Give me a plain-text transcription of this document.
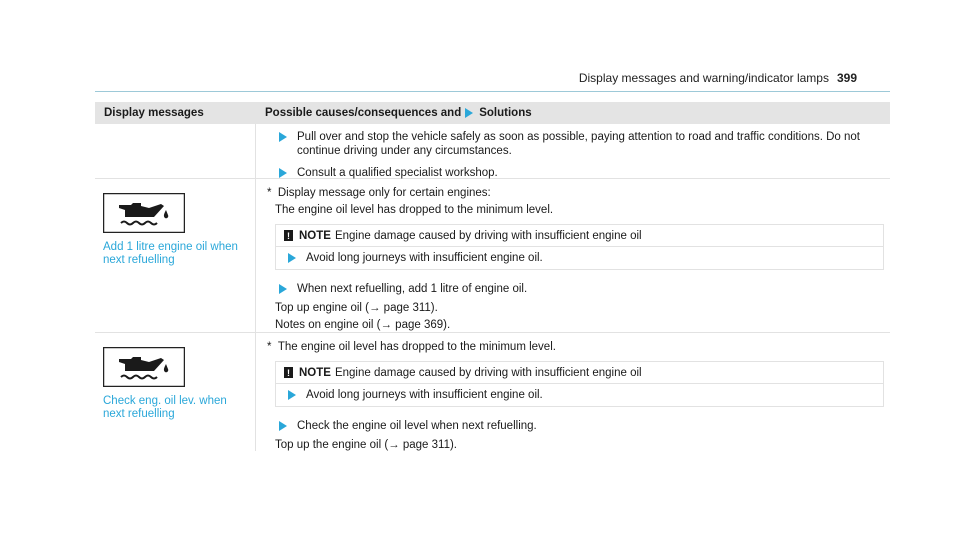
Display messages and warning/indicator lamps 399
Display messages	Possible causes/consequences and Solutions
Pull over and stop the vehicle safely as soon as possible, paying attention to road and traffic conditions. Do not
continue driving under any circumstances.
Consult a qualified specialist workshop.
Add 1 litre engine oil when
next refuelling
* Display message only for certain engines:
The engine oil level has dropped to the minimum level.
! NOTE Engine damage caused by driving with insufficient engine oil
Avoid long journeys with insufficient engine oil.
When next refuelling, add 1 litre of engine oil.
Top up engine oil (→ page 311).
Notes on engine oil (→ page 369).
Check eng. oil lev. when
next refuelling
* The engine oil level has dropped to the minimum level.
! NOTE Engine damage caused by driving with insufficient engine oil
Avoid long journeys with insufficient engine oil.
Check the engine oil level when next refuelling.
Top up the engine oil (→ page 311).
